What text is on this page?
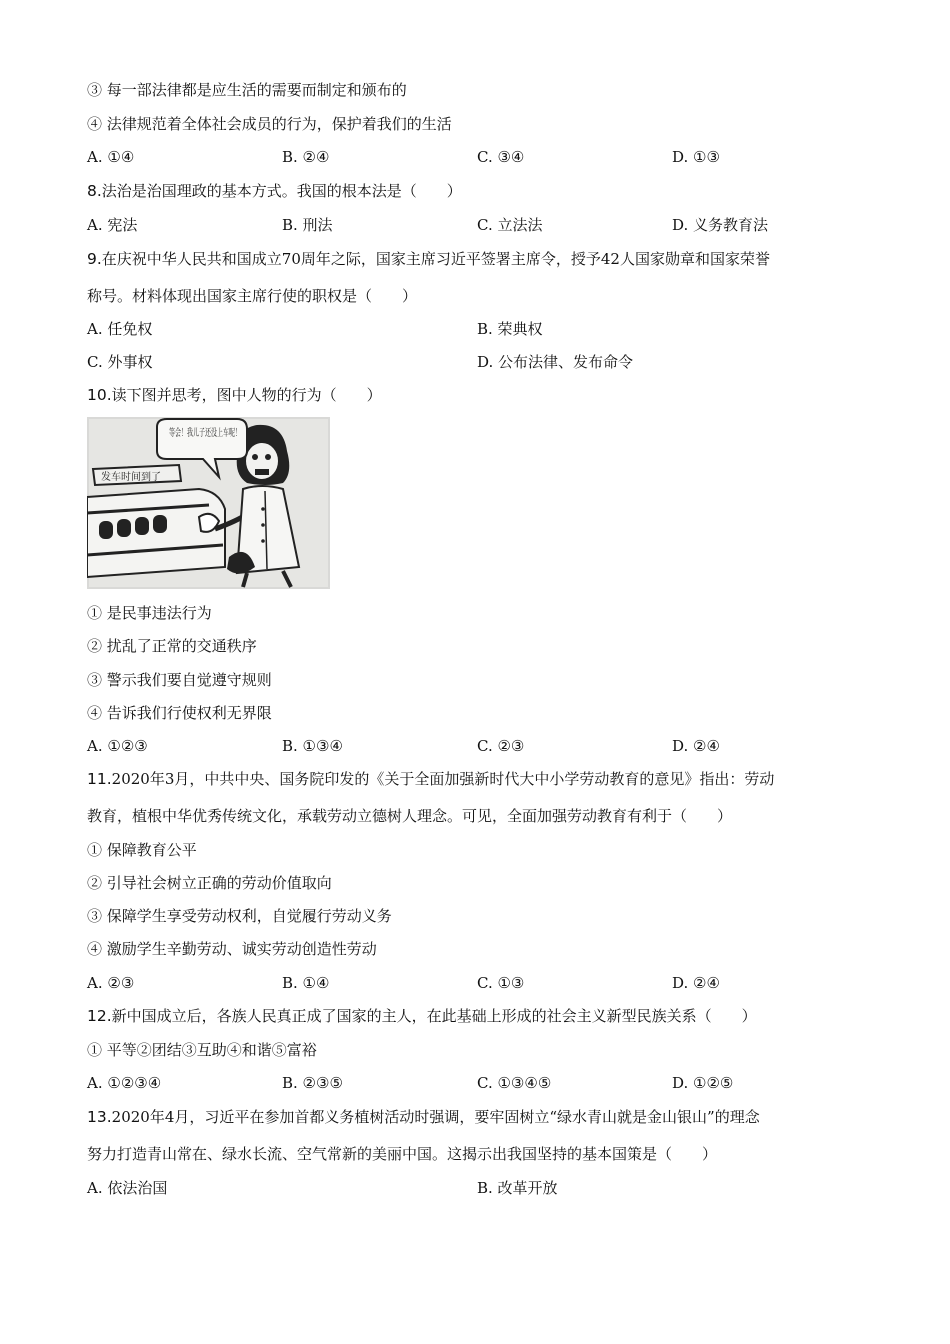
③ 每一部法律都是应生活的需要而制定和颁布的
④ 法律规范着全体社会成员的行为，保护着我们的生活
A. ①④	B. ②④	C. ③④	D. ①③
8.法治是治国理政的基本方式。我国的根本法是（　　）
A. 宪法	B. 刑法	C. 立法法	D. 义务教育法
9.在庆祝中华人民共和国成立70周年之际，国家主席习近平签署主席令，授予42人国家勋章和国家荣誉
称号。材料体现出国家主席行使的职权是（　　）
A. 任免权	B. 荣典权
C. 外事权	D. 公布法律、发布命令
10.读下图并思考，图中人物的行为（　　）
等会！我儿子还没上车呢！
发车时间到了
① 是民事违法行为
② 扰乱了正常的交通秩序
③ 警示我们要自觉遵守规则
④ 告诉我们行使权利无界限
A. ①②③	B. ①③④	C. ②③	D. ②④
11.2020年3月，中共中央、国务院印发的《关于全面加强新时代大中小学劳动教育的意见》指出：劳动
教育，植根中华优秀传统文化，承载劳动立德树人理念。可见，全面加强劳动教育有利于（　　）
① 保障教育公平
② 引导社会树立正确的劳动价值取向
③ 保障学生享受劳动权利，自觉履行劳动义务
④ 激励学生辛勤劳动、诚实劳动创造性劳动
A. ②③	B. ①④	C. ①③	D. ②④
12.新中国成立后，各族人民真正成了国家的主人，在此基础上形成的社会主义新型民族关系（　　）
① 平等②团结③互助④和谐⑤富裕
A. ①②③④	B. ②③⑤	C. ①③④⑤	D. ①②⑤
13.2020年4月，习近平在参加首都义务植树活动时强调，要牢固树立“绿水青山就是金山银山”的理念
努力打造青山常在、绿水长流、空气常新的美丽中国。这揭示出我国坚持的基本国策是（　　）
A. 依法治国	B. 改革开放
